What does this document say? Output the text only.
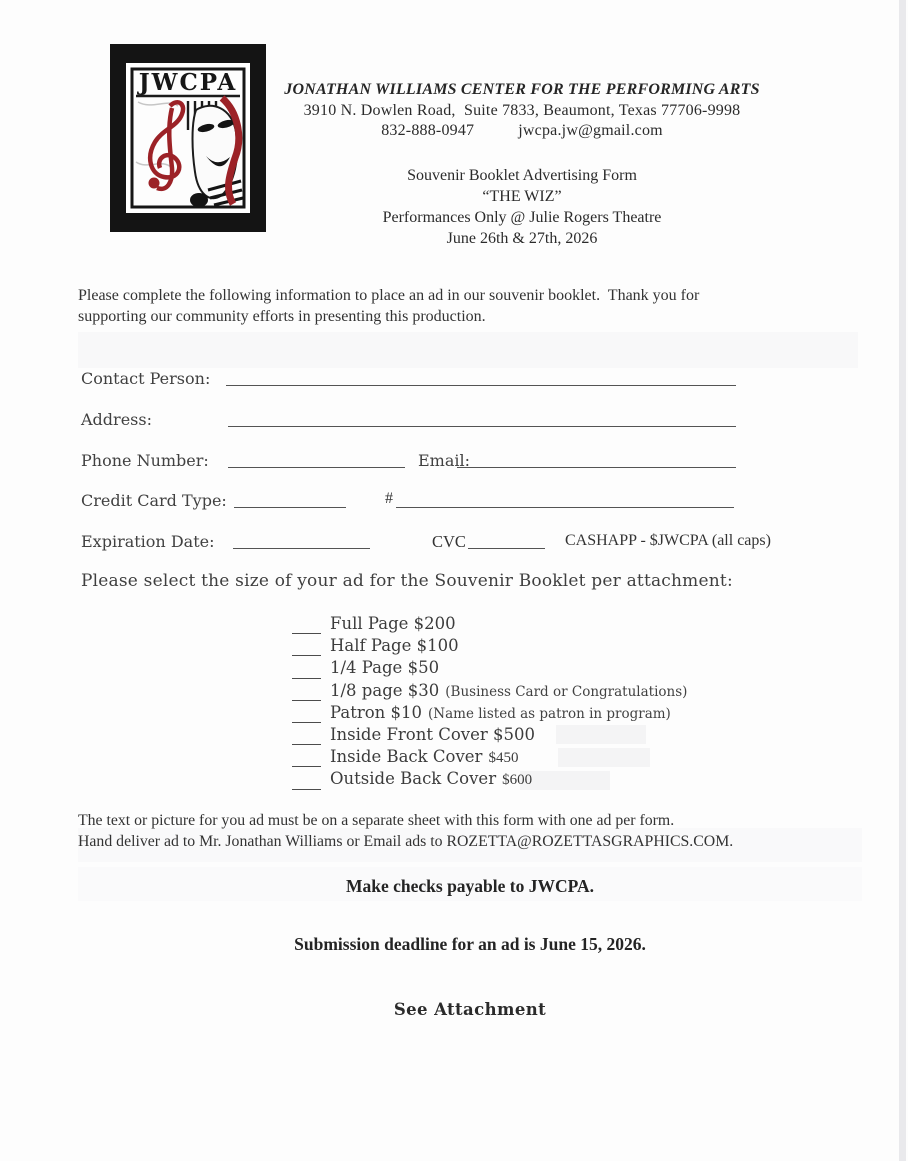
JWCPA	JONATHAN WILLIAMS CENTER FOR THE PERFORMING ARTS
3910 N. Dowlen Road,  Suite 7833, Beaumont, Texas 77706-9998
832-888-0947	jwcpa.jw@gmail.com
Souvenir Booklet Advertising Form
“THE WIZ”
Performances Only @ Julie Rogers Theatre
June 26th & 27th, 2026
Please complete the following information to place an ad in our souvenir booklet.  Thank you for
supporting our community efforts in presenting this production.
Contact Person:
Address:
Phone Number:	Email:
Credit Card Type:	#
Expiration Date:	CVC	CASHAPP - $JWCPA (all caps)
Please select the size of your ad for the Souvenir Booklet per attachment:
Full Page $200
Half Page $100
1/4 Page $50
1/8 page $30 (Business Card or Congratulations)
Patron $10 (Name listed as patron in program)
Inside Front Cover $500
Inside Back Cover $450
Outside Back Cover $600
The text or picture for you ad must be on a separate sheet with this form with one ad per form.
Hand deliver ad to Mr. Jonathan Williams or Email ads to ROZETTA@ROZETTASGRAPHICS.COM.
Make checks payable to JWCPA.
Submission deadline for an ad is June 15, 2026.
See Attachment
